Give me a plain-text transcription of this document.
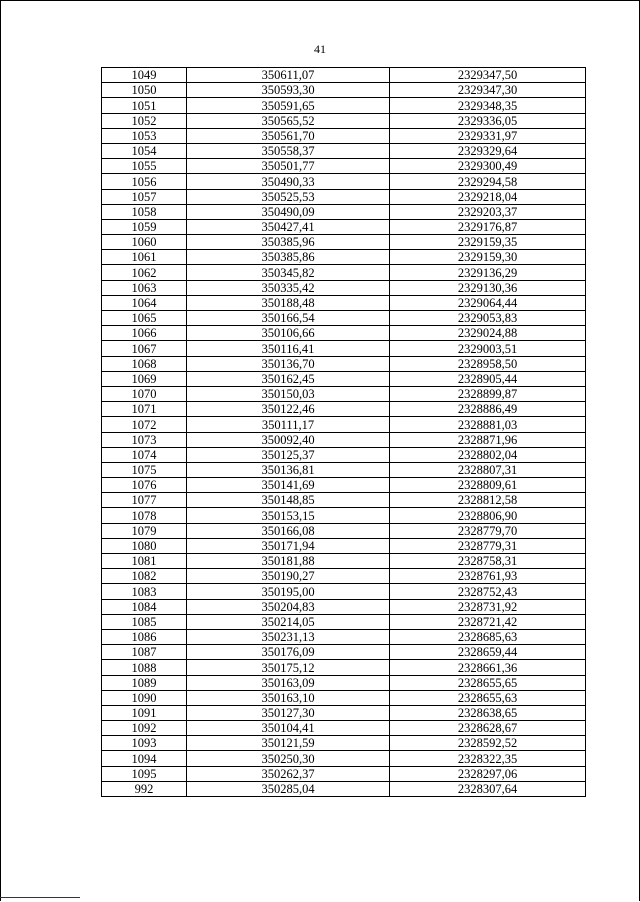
41
1049	350611,07	2329347,50
1050	350593,30	2329347,30
1051	350591,65	2329348,35
1052	350565,52	2329336,05
1053	350561,70	2329331,97
1054	350558,37	2329329,64
1055	350501,77	2329300,49
1056	350490,33	2329294,58
1057	350525,53	2329218,04
1058	350490,09	2329203,37
1059	350427,41	2329176,87
1060	350385,96	2329159,35
1061	350385,86	2329159,30
1062	350345,82	2329136,29
1063	350335,42	2329130,36
1064	350188,48	2329064,44
1065	350166,54	2329053,83
1066	350106,66	2329024,88
1067	350116,41	2329003,51
1068	350136,70	2328958,50
1069	350162,45	2328905,44
1070	350150,03	2328899,87
1071	350122,46	2328886,49
1072	350111,17	2328881,03
1073	350092,40	2328871,96
1074	350125,37	2328802,04
1075	350136,81	2328807,31
1076	350141,69	2328809,61
1077	350148,85	2328812,58
1078	350153,15	2328806,90
1079	350166,08	2328779,70
1080	350171,94	2328779,31
1081	350181,88	2328758,31
1082	350190,27	2328761,93
1083	350195,00	2328752,43
1084	350204,83	2328731,92
1085	350214,05	2328721,42
1086	350231,13	2328685,63
1087	350176,09	2328659,44
1088	350175,12	2328661,36
1089	350163,09	2328655,65
1090	350163,10	2328655,63
1091	350127,30	2328638,65
1092	350104,41	2328628,67
1093	350121,59	2328592,52
1094	350250,30	2328322,35
1095	350262,37	2328297,06
992	350285,04	2328307,64
